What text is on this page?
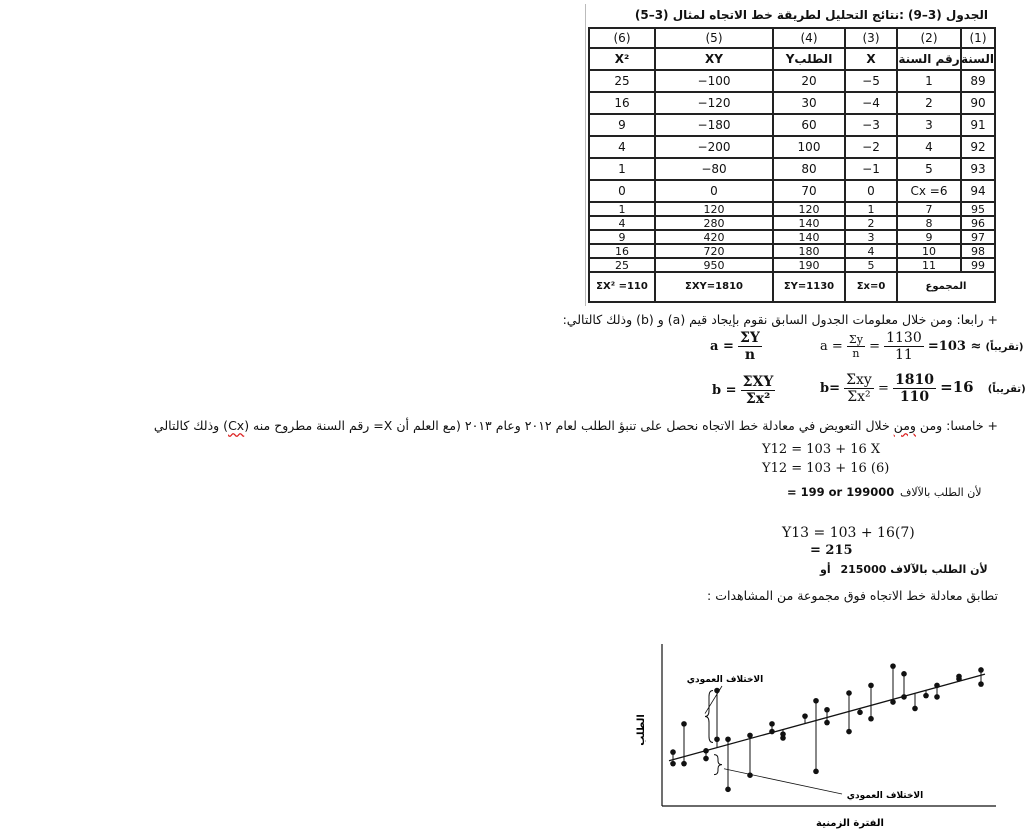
الجدول (3–9) :نتائج التحليل لطريقة خط الاتجاه لمثال (3–5)
(1)	(2)	(3)	(4)	(5)	(6)
السنة	رقم السنة	X	الطلبY	XY	X²
89	1	−5	20	−100	25
90	2	−4	30	−120	16
91	3	−3	60	−180	9
92	4	−2	100	−200	4
93	5	−1	80	−80	1
94	Cx =6	0	70	0	0
95	7	1	120	120	1
96	8	2	140	280	4
97	9	3	140	420	9
98	10	4	180	720	16
99	11	5	190	950	25
المجموع		Σx=0	ΣY=1130	ΣXY=1810	ΣX² =110
+ رابعا: ومن خلال معلومات الجدول السابق نقوم بإيجاد قيم (a) و (b) وذلك كالتالي:
$a = \frac{\Sigma Y}{n}$	$a = \frac{\Sigma y}{n} = \frac{1130}{11} =103$ ≈ (تقريباً)
$b = \frac{\text{ΣXY}}{\text{Σx²}}$	$b= \frac{\text{Σxy}}{\text{Σx²}} = \frac{1810}{110} =16$ (تقريباً)
+ خامسا: ومن ومن خلال التعويض في معادلة خط الاتجاه نحصل على تنبؤ الطلب لعام ٢٠١٢ وعام ٢٠١٣ (مع العلم أن X= رقم السنة مطروح منه (Cx) وذلك كالتالي
Y12 = 103 + 16 X
Y12 = 103 + 16 (6)
= 199 or 199000 لأن الطلب بالآلاف
Y13 = 103 + 16(7)
= 215
لأن الطلب بالآلاف 215000 أو
تطابق معادلة خط الاتجاه فوق مجموعة من المشاهدات :
الطلب
الفترة الزمنية
الاختلاف العمودي
الاختلاف العمودي
